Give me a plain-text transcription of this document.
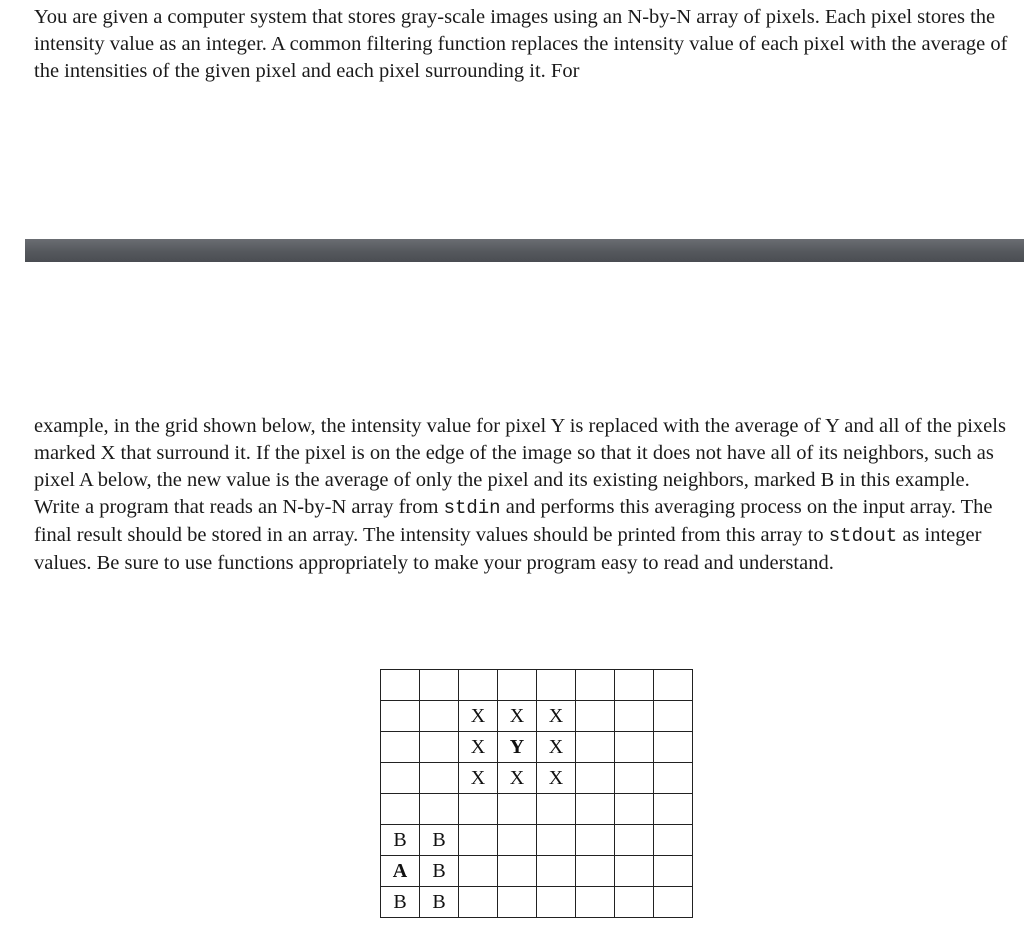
You are given a computer system that stores gray-scale images using an N-by-N array of pixels. Each pixel stores the intensity value as an integer. A common filtering function replaces the intensity value of each pixel with the average of the intensities of the given pixel and each pixel surrounding it. For

example, in the grid shown below, the intensity value for pixel Y is replaced with the average of Y and all of the pixels marked X that surround it. If the pixel is on the edge of the image so that it does not have all of its neighbors, such as pixel A below, the new value is the average of only the pixel and its existing neighbors, marked B in this example. Write a program that reads an N-by-N array from stdin and performs this averaging process on the input array. The final result should be stored in an array. The intensity values should be printed from this array to stdout as integer values. Be sure to use functions appropriately to make your program easy to read and understand.

		X	X	X			
		X	Y	X			
		X	X	X			

B	B						
A	B						
B	B						
